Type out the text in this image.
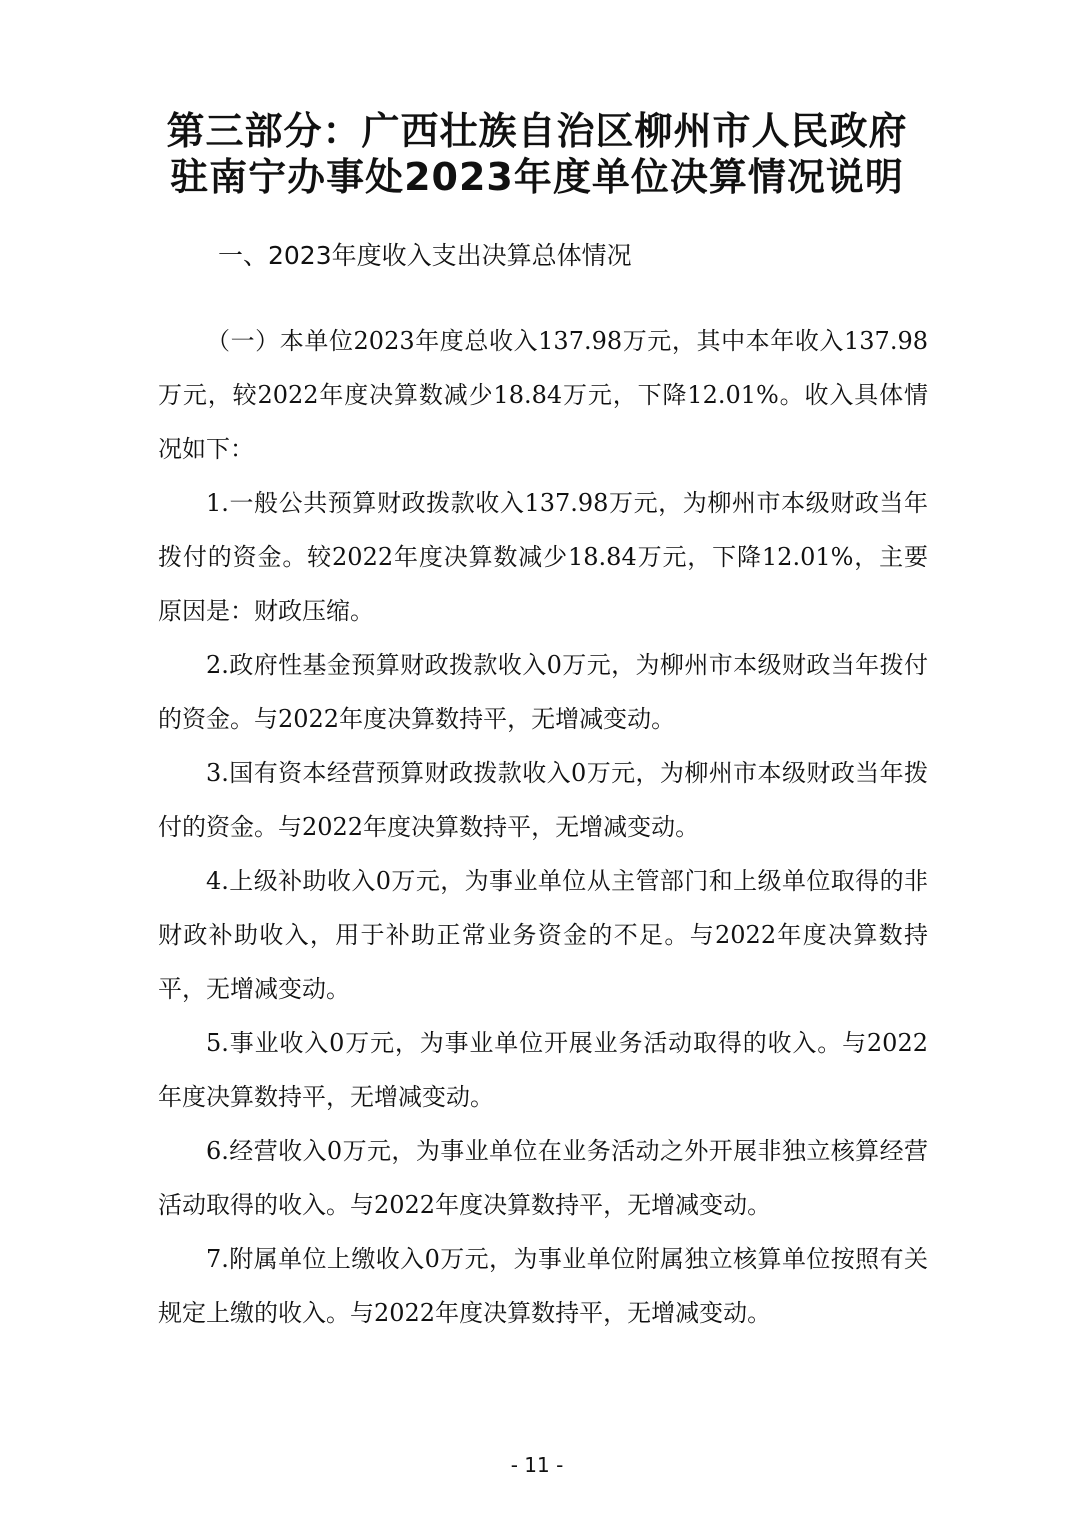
第三部分：广西壮族自治区柳州市人民政府
驻南宁办事处2023年度单位决算情况说明
一、2023年度收入支出决算总体情况

（一）本单位2023年度总收入137.98万元，其中本年收入137.98万元，较2022年度决算数减少18.84万元，下降12.01%。收入具体情况如下：

1.一般公共预算财政拨款收入137.98万元，为柳州市本级财政当年拨付的资金。较2022年度决算数减少18.84万元，下降12.01%，主要原因是：财政压缩。

2.政府性基金预算财政拨款收入0万元，为柳州市本级财政当年拨付的资金。与2022年度决算数持平，无增减变动。

3.国有资本经营预算财政拨款收入0万元，为柳州市本级财政当年拨付的资金。与2022年度决算数持平，无增减变动。

4.上级补助收入0万元，为事业单位从主管部门和上级单位取得的非财政补助收入，用于补助正常业务资金的不足。与2022年度决算数持平，无增减变动。

5.事业收入0万元，为事业单位开展业务活动取得的收入。与2022年度决算数持平，无增减变动。

6.经营收入0万元，为事业单位在业务活动之外开展非独立核算经营活动取得的收入。与2022年度决算数持平，无增减变动。

7.附属单位上缴收入0万元，为事业单位附属独立核算单位按照有关规定上缴的收入。与2022年度决算数持平，无增减变动。

- 11 -
